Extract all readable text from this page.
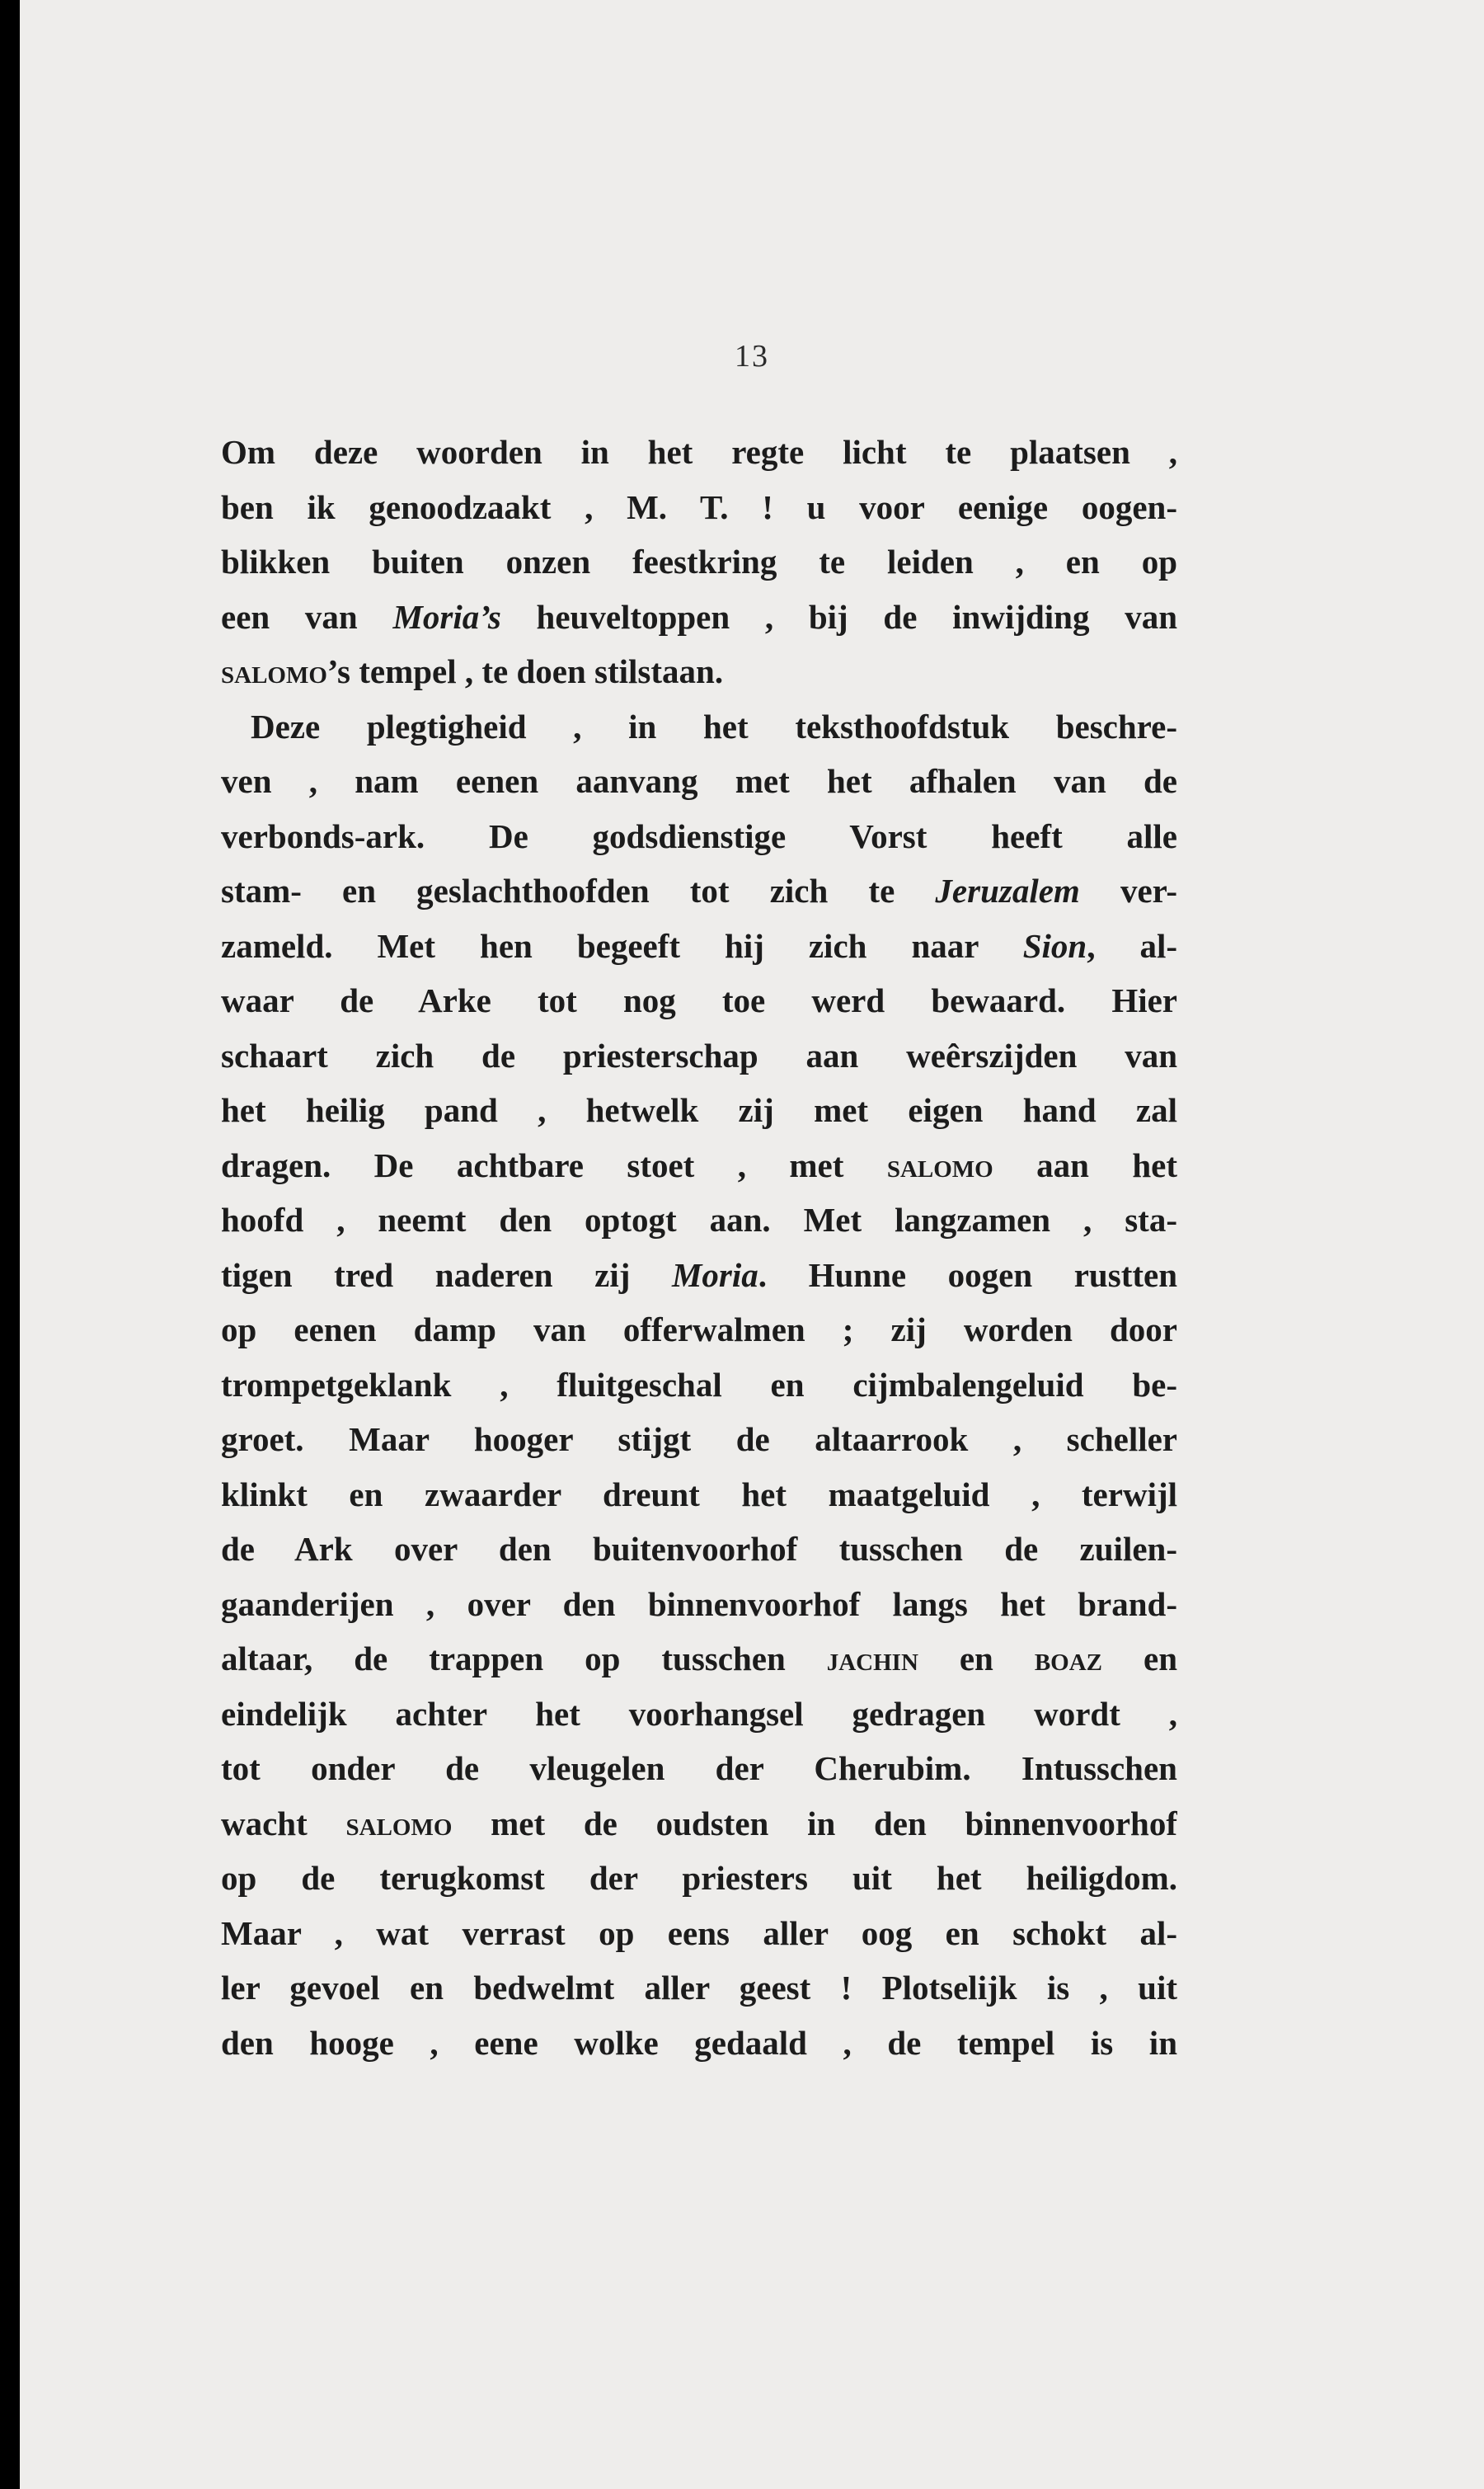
13
Om deze woorden in het regte licht te plaatsen ,
ben ik genoodzaakt , M. T. ! u voor eenige oogen-
blikken buiten onzen feestkring te leiden , en op
een van Moria’s heuveltoppen , bij de inwijding van
salomo’s tempel , te doen stilstaan.
Deze plegtigheid , in het teksthoofdstuk beschre-
ven , nam eenen aanvang met het afhalen van de
verbonds-ark. De godsdienstige Vorst heeft alle
stam- en geslachthoofden tot zich te Jeruzalem ver-
zameld. Met hen begeeft hij zich naar Sion, al-
waar de Arke tot nog toe werd bewaard. Hier
schaart zich de priesterschap aan weêrszijden van
het heilig pand , hetwelk zij met eigen hand zal
dragen. De achtbare stoet , met salomo aan het
hoofd , neemt den optogt aan. Met langzamen , sta-
tigen tred naderen zij Moria. Hunne oogen rustten
op eenen damp van offerwalmen ; zij worden door
trompetgeklank , fluitgeschal en cijmbalengeluid be-
groet. Maar hooger stijgt de altaarrook , scheller
klinkt en zwaarder dreunt het maatgeluid , terwijl
de Ark over den buitenvoorhof tusschen de zuilen-
gaanderijen , over den binnenvoorhof langs het brand-
altaar, de trappen op tusschen jachin en boaz en
eindelijk achter het voorhangsel gedragen wordt ,
tot onder de vleugelen der Cherubim. Intusschen
wacht salomo met de oudsten in den binnenvoorhof
op de terugkomst der priesters uit het heiligdom.
Maar , wat verrast op eens aller oog en schokt al-
ler gevoel en bedwelmt aller geest ! Plotselijk is , uit
den hooge , eene wolke gedaald , de tempel is in
